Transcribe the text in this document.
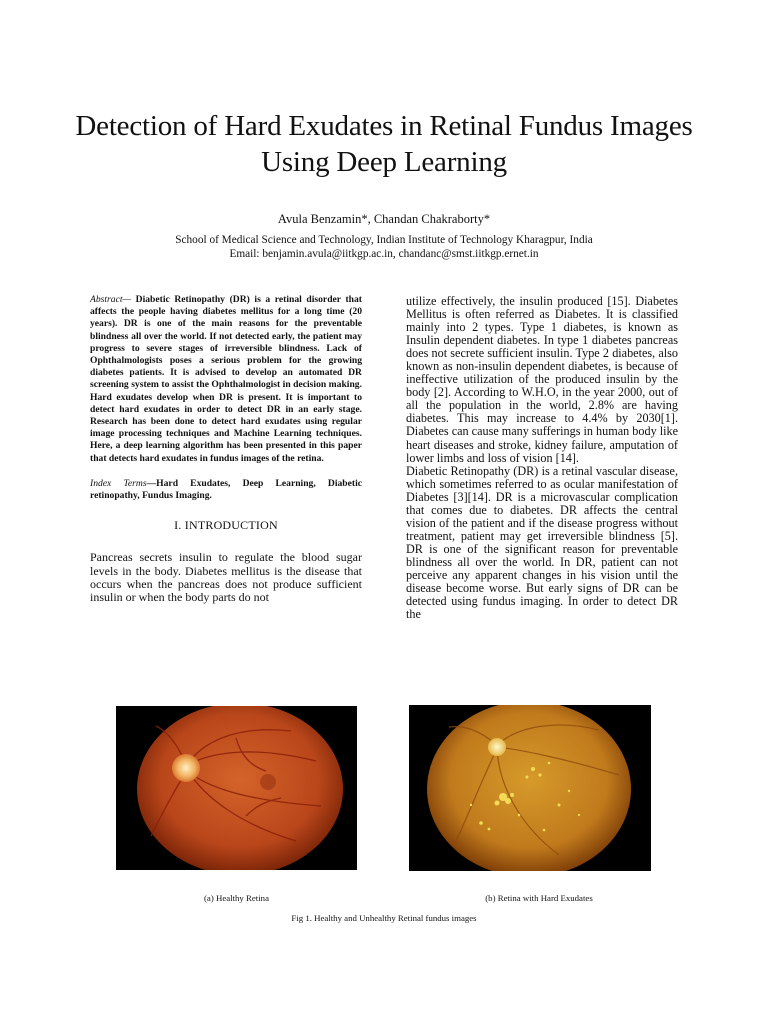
Detection of Hard Exudates in Retinal Fundus Images Using Deep Learning
Avula Benzamin*, Chandan Chakraborty*
School of Medical Science and Technology, Indian Institute of Technology Kharagpur, India
Email: benjamin.avula@iitkgp.ac.in, chandanc@smst.iitkgp.ernet.in

Abstract— Diabetic Retinopathy (DR) is a retinal disorder that affects the people having diabetes mellitus for a long time (20 years). DR is one of the main reasons for the preventable blindness all over the world. If not detected early, the patient may progress to severe stages of irreversible blindness. Lack of Ophthalmologists poses a serious problem for the growing diabetes patients. It is advised to develop an automated DR screening system to assist the Ophthalmologist in decision making. Hard exudates develop when DR is present. It is important to detect hard exudates in order to detect DR in an early stage. Research has been done to detect hard exudates using regular image processing techniques and Machine Learning techniques. Here, a deep learning algorithm has been presented in this paper that detects hard exudates in fundus images of the retina.

Index Terms—Hard Exudates, Deep Learning, Diabetic retinopathy, Fundus Imaging.

I. INTRODUCTION

Pancreas secrets insulin to regulate the blood sugar levels in the body. Diabetes mellitus is the disease that occurs when the pancreas does not produce sufficient insulin or when the body parts do not

utilize effectively, the insulin produced [15]. Diabetes Mellitus is often referred as Diabetes. It is classified mainly into 2 types. Type 1 diabetes, is known as Insulin dependent diabetes. In type 1 diabetes pancreas does not secrete sufficient insulin. Type 2 diabetes, also known as non-insulin dependent diabetes, is because of ineffective utilization of the produced insulin by the body [2]. According to W.H.O, in the year 2000, out of all the population in the world, 2.8% are having diabetes. This may increase to 4.4% by 2030[1]. Diabetes can cause many sufferings in human body like heart diseases and stroke, kidney failure, amputation of lower limbs and loss of vision [14].

Diabetic Retinopathy (DR) is a retinal vascular disease, which sometimes referred to as ocular manifestation of Diabetes [3][14]. DR is a microvascular complication that comes due to diabetes. DR affects the central vision of the patient and if the disease progress without treatment, patient may get irreversible blindness [5]. DR is one of the significant reason for preventable blindness all over the world. In DR, patient can not perceive any apparent changes in his vision until the disease become worse. But early signs of DR can be detected using fundus imaging. In order to detect DR the

(a) Healthy Retina	(b) Retina with Hard Exudates
Fig 1. Healthy and Unhealthy Retinal fundus images
